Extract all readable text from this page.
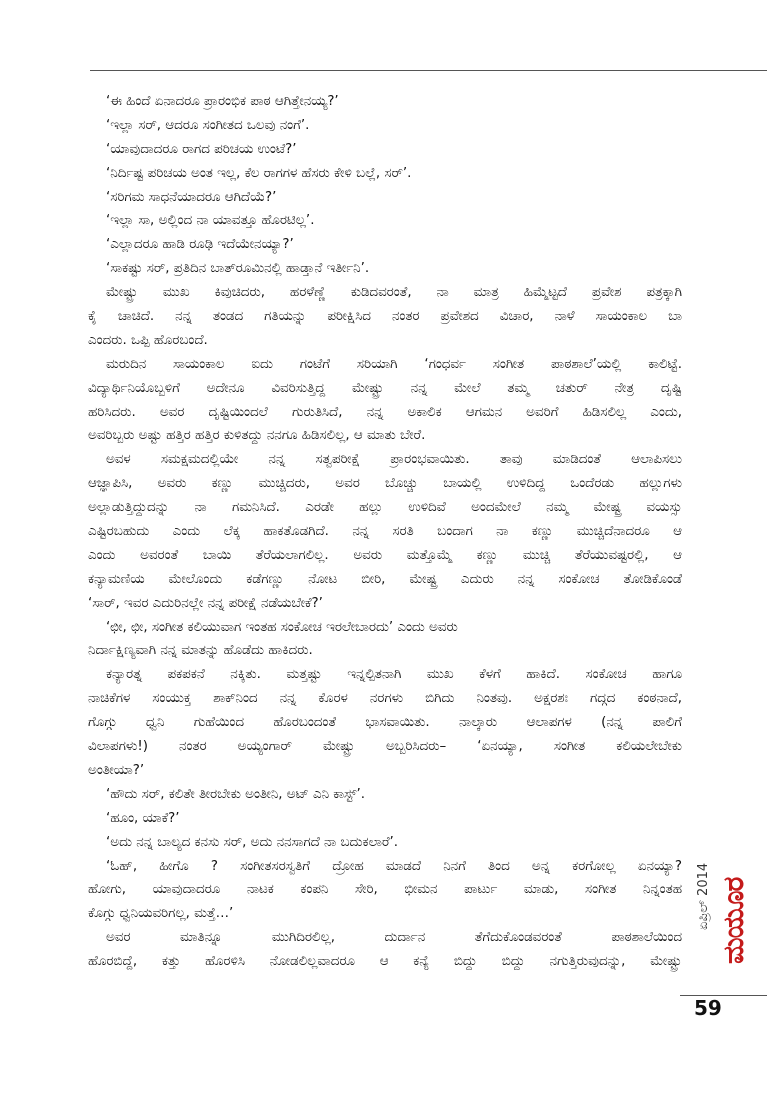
‘ಈ ಹಿಂದೆ ಏನಾದರೂ ಪ್ರಾರಂಭಿಕ ಪಾಠ ಆಗಿತ್ತೇನಯ್ಯ?’
‘ಇಲ್ಲಾ ಸರ್, ಆದರೂ ಸಂಗೀತದ ಒಲವು ನಂಗೆ’.
‘ಯಾವುದಾದರೂ ರಾಗದ ಪರಿಚಯ ಉಂಟೆ?’
‘ನಿರ್ದಿಷ್ಟ ಪರಿಚಯ ಅಂತ ಇಲ್ಲ, ಕೆಲ ರಾಗಗಳ ಹೆಸರು ಕೇಳಿ ಬಲ್ಲೆ, ಸರ್’.
‘ಸರಿಗಮ ಸಾಧನೆಯಾದರೂ ಆಗಿದೆಯೆ?’
‘ಇಲ್ಲಾ ಸಾ, ಅಲ್ಲಿಂದ ನಾ ಯಾವತ್ತೂ ಹೊರಟಿಲ್ಲ’.
‘ಎಲ್ಲಾದರೂ ಹಾಡಿ ರೂಢಿ ಇದೆಯೇನಯ್ಯಾ?’
‘ಸಾಕಷ್ಟು ಸರ್, ಪ್ರತಿದಿನ ಬಾತ್‌ರೂಮಿನಲ್ಲಿ ಹಾಡ್ತಾನೆ ಇರ್ತೀನಿ’.
ಮೇಷ್ಟ್ರು ಮುಖ ಕಿವುಚಿದರು, ಹರಳೆಣ್ಣೆ ಕುಡಿದವರಂತೆ, ನಾ ಮಾತ್ರ ಹಿಮ್ಮೆಟ್ಟದೆ ಪ್ರವೇಶ ಪತ್ರಕ್ಕಾಗಿ
ಕೈ ಚಾಚಿದೆ. ನನ್ನ ತಂಡದ ಗತಿಯನ್ನು ಪರೀಕ್ಷಿಸಿದ ನಂತರ ಪ್ರವೇಶದ ವಿಚಾರ, ನಾಳೆ ಸಾಯಂಕಾಲ ಬಾ
ಎಂದರು. ಒಪ್ಪಿ ಹೊರಬಂದೆ.
ಮರುದಿನ ಸಾಯಂಕಾಲ ಐದು ಗಂಟೆಗೆ ಸರಿಯಾಗಿ ‘ಗಂಧರ್ವ ಸಂಗೀತ ಪಾಠಶಾಲೆ’ಯಲ್ಲಿ ಕಾಲಿಟ್ಟೆ.
ವಿದ್ಯಾರ್ಥಿನಿಯೊಬ್ಬಳಿಗೆ ಅದೇನೂ ವಿವರಿಸುತ್ತಿದ್ದ ಮೇಷ್ಟ್ರು ನನ್ನ ಮೇಲೆ ತಮ್ಮ ಚತುರ್ ನೇತ್ರ ದೃಷ್ಟಿ
ಹರಿಸಿದರು. ಅವರ ದೃಷ್ಟಿಯಿಂದಲೆ ಗುರುತಿಸಿದೆ, ನನ್ನ ಅಕಾಲಿಕ ಆಗಮನ ಅವರಿಗೆ ಹಿಡಿಸಲಿಲ್ಲ ಎಂದು,
ಅವರಿಬ್ಬರು ಅಷ್ಟು ಹತ್ತಿರ ಹತ್ತಿರ ಕುಳಿತದ್ದು ನನಗೂ ಹಿಡಿಸಲಿಲ್ಲ, ಆ ಮಾತು ಬೇರೆ.
ಅವಳ ಸಮಕ್ಷಮದಲ್ಲಿಯೇ ನನ್ನ ಸತ್ವಪರೀಕ್ಷೆ ಪ್ರಾರಂಭವಾಯಿತು. ತಾವು ಮಾಡಿದಂತೆ ಆಲಾಪಿಸಲು
ಆಜ್ಞಾಪಿಸಿ, ಅವರು ಕಣ್ಣು ಮುಚ್ಚಿದರು, ಅವರ ಬೊಚ್ಚು ಬಾಯಲ್ಲಿ ಉಳಿದಿದ್ದ ಒಂದೆರಡು ಹಲ್ಲುಗಳು
ಅಲ್ಲಾಡುತ್ತಿದ್ದುದನ್ನು ನಾ ಗಮನಿಸಿದೆ. ಎರಡೇ ಹಲ್ಲು ಉಳಿದಿವೆ ಅಂದಮೇಲೆ ನಮ್ಮ ಮೇಷ್ಟ್ರ ವಯಸ್ಸು
ಎಷ್ಟಿರಬಹುದು ಎಂದು ಲೆಕ್ಕ ಹಾಕತೊಡಗಿದೆ. ನನ್ನ ಸರತಿ ಬಂದಾಗ ನಾ ಕಣ್ಣು ಮುಚ್ಚಿದೆನಾದರೂ ಆ
ಎಂದು ಅವರಂತೆ ಬಾಯಿ ತೆರೆಯಲಾಗಲಿಲ್ಲ. ಅವರು ಮತ್ತೊಮ್ಮೆ ಕಣ್ಣು ಮುಚ್ಚಿ ತೆರೆಯುವಷ್ಟರಲ್ಲಿ, ಆ
ಕನ್ಯಾಮಣಿಯ ಮೇಲೊಂದು ಕಡೆಗಣ್ಣು ನೋಟ ಬೀರಿ, ಮೇಷ್ಟ್ರ ಎದುರು ನನ್ನ ಸಂಕೋಚ ತೋಡಿಕೊಂಡೆ
‘ಸಾರ್, ಇವರ ಎದುರಿನಲ್ಲೇ ನನ್ನ ಪರೀಕ್ಷೆ ನಡೆಯಬೇಕೆ?’
‘ಛೀ, ಛೀ, ಸಂಗೀತ ಕಲಿಯುವಾಗ ಇಂತಹ ಸಂಕೋಚ ಇರಲೇಬಾರದು’ ಎಂದು ಅವರು
ನಿರ್ದಾಕ್ಷಿಣ್ಯವಾಗಿ ನನ್ನ ಮಾತನ್ನು ಹೊಡೆದು ಹಾಕಿದರು.
ಕನ್ಯಾರತ್ನ ಪಕಪಕನೆ ನಕ್ಕಿತು. ಮತ್ತಷ್ಟು ಇನ್ನಲ್ಪಿತನಾಗಿ ಮುಖ ಕೆಳಗೆ ಹಾಕಿದೆ. ಸಂಕೋಚ ಹಾಗೂ
ನಾಚಿಕೆಗಳ ಸಂಯುಕ್ತ ಶಾಕ್‌ನಿಂದ ನನ್ನ ಕೊರಳ ನರಗಳು ಬಿಗಿದು ನಿಂತವು. ಅಕ್ಷರಶಃ ಗದ್ಗದ ಕಂಠನಾದೆ,
ಗೊಗ್ಗು ಧ್ವನಿ ಗುಹೆಯಿಂದ ಹೊರಬಂದಂತೆ ಭಾಸವಾಯಿತು. ನಾಲ್ಕಾರು ಆಲಾಪಗಳ (ನನ್ನ ಪಾಲಿಗೆ
ವಿಲಾಪಗಳು!) ನಂತರ ಅಯ್ಯಂಗಾರ್ ಮೇಷ್ಟ್ರು ಅಬ್ಬರಿಸಿದರು– ‘ಏನಯ್ಯಾ, ಸಂಗೀತ ಕಲಿಯಲೇಬೇಕು
ಅಂತೀಯಾ?’
‘ಹೌದು ಸರ್, ಕಲಿತೇ ತೀರಬೇಕು ಅಂತೀನಿ, ಅಟ್ ಎನಿ ಕಾಸ್ಟ್’.
‘ಹೂಂ, ಯಾಕೆ?’
‘ಅದು ನನ್ನ ಬಾಲ್ಯದ ಕನಸು ಸರ್, ಅದು ನನಸಾಗದೆ ನಾ ಬದುಕಲಾರೆ’.
‘ಓಹ್, ಹೀಗೊ ? ಸಂಗೀತಸರಸ್ವತಿಗೆ ದ್ರೋಹ ಮಾಡದೆ ನಿನಗೆ ತಿಂದ ಅನ್ನ ಕರಗೋಲ್ಲ ಏನಯ್ಯಾ?
ಹೋಗು, ಯಾವುದಾದರೂ ನಾಟಕ ಕಂಪನಿ ಸೇರಿ, ಭೀಮನ ಪಾರ್ಟು ಮಾಡು, ಸಂಗೀತ ನಿನ್ನಂತಹ
ಕೊಗ್ಗು ಧ್ವನಿಯವರಿಗಲ್ಲ, ಮತ್ತೆ…’
ಅವರ ಮಾತಿನ್ನೂ ಮುಗಿದಿರಲಿಲ್ಲ, ದುರ್ದಾನ ತೆಗೆದುಕೊಂಡವರಂತೆ ಪಾಠಶಾಲೆಯಿಂದ
ಹೊರಬಿದ್ದೆ, ಕತ್ತು ಹೊರಳಿಸಿ ನೋಡಲಿಲ್ಲವಾದರೂ ಆ ಕನ್ಯೆ ಬಿದ್ದು ಬಿದ್ದು ನಗುತ್ತಿರುವುದನ್ನು, ಮೇಷ್ಟ್ರು
ಏಪ್ರಿಲ್ 2014 ಮಯೂರ
59
